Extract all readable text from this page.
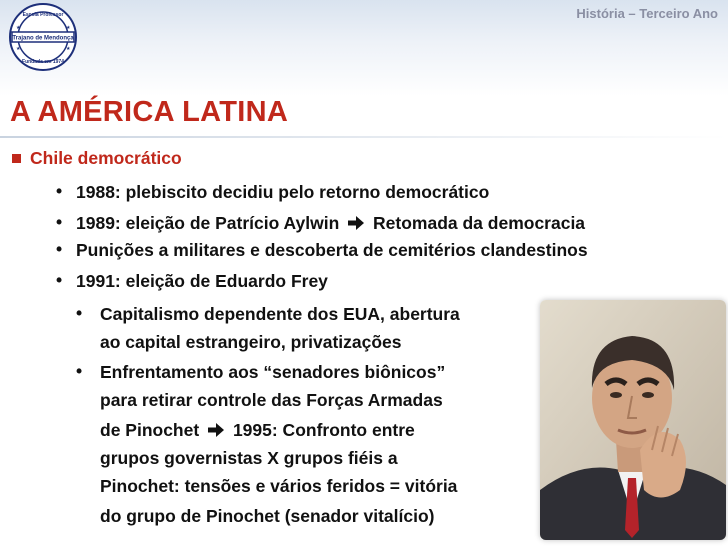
Trajano de Mendonça
Escola Professor
Fundada em 1974
★	★
★	★
História – Terceiro Ano
A AMÉRICA LATINA
Chile democrático
• 1988: plebiscito decidiu pelo retorno democrático
• 1989: eleição de Patrício Aylwin Retomada da democracia
• Punições a militares e descoberta de cemitérios clandestinos
• 1991: eleição de Eduardo Frey
• Capitalismo dependente dos EUA, abertura
ao capital estrangeiro, privatizações
• Enfrentamento aos “senadores biônicos”
para retirar controle das Forças Armadas
de Pinochet 1995: Confronto entre
grupos governistas X grupos fiéis a
Pinochet: tensões e vários feridos = vitória
do grupo de Pinochet (senador vitalício)
